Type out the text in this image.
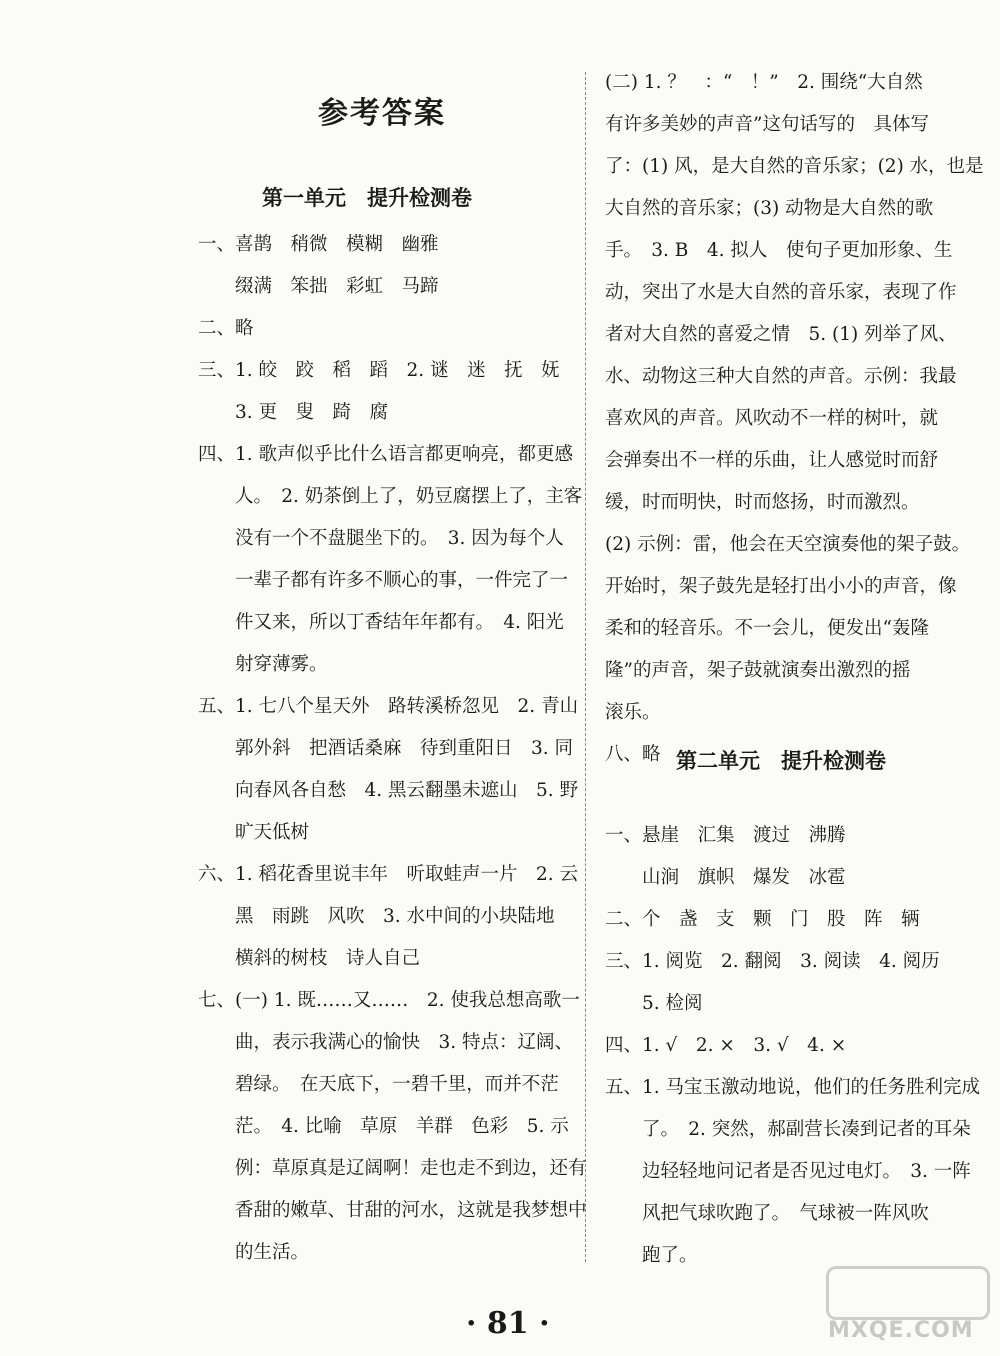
参考答案
第一单元　提升检测卷
一、喜鹊　稍微　模糊　幽雅
　　缀满　笨拙　彩虹　马蹄
二、略
三、1. 皎　跤　稻　蹈　2. 谜　迷　抚　妩
　　3. 更　叟　踦　腐
四、1. 歌声似乎比什么语言都更响亮，都更感
　　人。　2. 奶茶倒上了，奶豆腐摆上了，主客
　　没有一个不盘腿坐下的。　3. 因为每个人
　　一辈子都有许多不顺心的事，一件完了一
　　件又来，所以丁香结年年都有。　4. 阳光
　　射穿薄雾。
五、1. 七八个星天外　路转溪桥忽见　2. 青山
　　郭外斜　把酒话桑麻　待到重阳日　3. 同
　　向春风各自愁　4. 黑云翻墨未遮山　5. 野
　　旷天低树
六、1. 稻花香里说丰年　听取蛙声一片　2. 云
　　黑　雨跳　风吹　3. 水中间的小块陆地
　　横斜的树枝　诗人自己
七、(一) 1. 既……又……　2. 使我总想高歌一
　　曲，表示我满心的愉快　3. 特点：辽阔、
　　碧绿。　在天底下，一碧千里，而并不茫
　　茫。　4. 比喻　草原　羊群　色彩　5. 示
　　例：草原真是辽阔啊！走也走不到边，还有
　　香甜的嫩草、甘甜的河水，这就是我梦想中
　　的生活。
(二) 1. ？　：“　！”　2. 围绕“大自然
有许多美妙的声音”这句话写的　具体写
了：(1) 风，是大自然的音乐家；(2) 水，也是
大自然的音乐家；(3) 动物是大自然的歌
手。　3. B　4. 拟人　使句子更加形象、生
动，突出了水是大自然的音乐家，表现了作
者对大自然的喜爱之情　5. (1) 列举了风、
水、动物这三种大自然的声音。示例：我最
喜欢风的声音。风吹动不一样的树叶，就
会弹奏出不一样的乐曲，让人感觉时而舒
缓，时而明快，时而悠扬，时而激烈。
(2) 示例：雷，他会在天空演奏他的架子鼓。
开始时，架子鼓先是轻打出小小的声音，像
柔和的轻音乐。不一会儿，便发出“轰隆
隆”的声音，架子鼓就演奏出激烈的摇
滚乐。
八、略 第二单元　提升检测卷
一、悬崖　汇集　渡过　沸腾
　　山涧　旗帜　爆发　冰雹
二、个　盏　支　颗　门　股　阵　辆
三、1. 阅览　2. 翻阅　3. 阅读　4. 阅历
　　5. 检阅
四、1. √　2. ×　3. √　4. ×
五、1. 马宝玉激动地说，他们的任务胜利完成
　　了。　2. 突然，郝副营长凑到记者的耳朵
　　边轻轻地问记者是否见过电灯。　3. 一阵
　　风把气球吹跑了。　气球被一阵风吹
　　跑了。
· 81 ·	MXQE.COM
